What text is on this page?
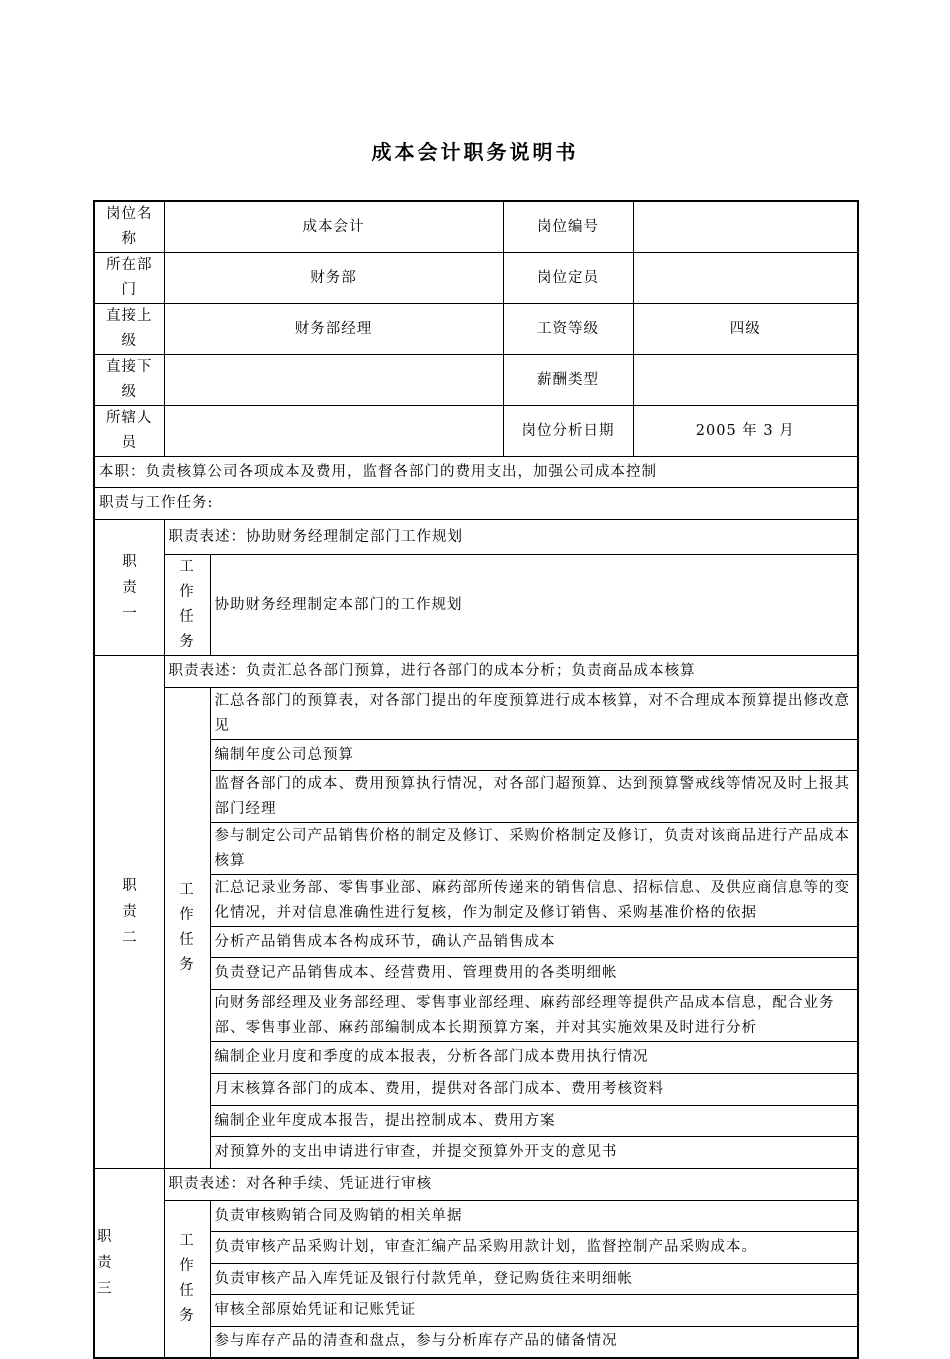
成本会计职务说明书
岗位名称	成本会计		岗位编号	
所在部门	财务部		岗位定员	
直接上级	财务部经理		工资等级	四级
直接下级			薪酬类型	
所辖人员			岗位分析日期	2005 年 3 月
本职：负责核算公司各项成本及费用，监督各部门的费用支出，加强公司成本控制				
职责与工作任务:				

职责一	职责表述：协助财务经理制定部门工作规划			

	工作任务	协助财务经理制定本部门的工作规划		

职责二	职责表述：负责汇总各部门预算，进行各部门的成本分析；负责商品成本核算			

	工作任务	汇总各部门的预算表，对各部门提出的年度预算进行成本核算，对不合理成本预算提出修改意见		
		编制年度公司总预算		
		监督各部门的成本、费用预算执行情况，对各部门超预算、达到预算警戒线等情况及时上报其部门经理		
		参与制定公司产品销售价格的制定及修订、采购价格制定及修订，负责对该商品进行产品成本核算		
		汇总记录业务部、零售事业部、麻药部所传递来的销售信息、招标信息、及供应商信息等的变化情况，并对信息准确性进行复核，作为制定及修订销售、采购基准价格的依据		
		分析产品销售成本各构成环节，确认产品销售成本		
		负责登记产品销售成本、经营费用、管理费用的各类明细帐		
		向财务部经理及业务部经理、零售事业部经理、麻药部经理等提供产品成本信息，配合业务部、零售事业部、麻药部编制成本长期预算方案，并对其实施效果及时进行分析		
		编制企业月度和季度的成本报表，分析各部门成本费用执行情况		
		月末核算各部门的成本、费用，提供对各部门成本、费用考核资料		
		编制企业年度成本报告，提出控制成本、费用方案		
		对预算外的支出申请进行审查，并提交预算外开支的意见书		

职责三	职责表述：对各种手续、凭证进行审核			

	工作任务	负责审核购销合同及购销的相关单据		
		负责审核产品采购计划，审查汇编产品采购用款计划，监督控制产品采购成本。		
		负责审核产品入库凭证及银行付款凭单，登记购货往来明细帐		
		审核全部原始凭证和记账凭证		
		参与库存产品的清查和盘点，参与分析库存产品的储备情况		
